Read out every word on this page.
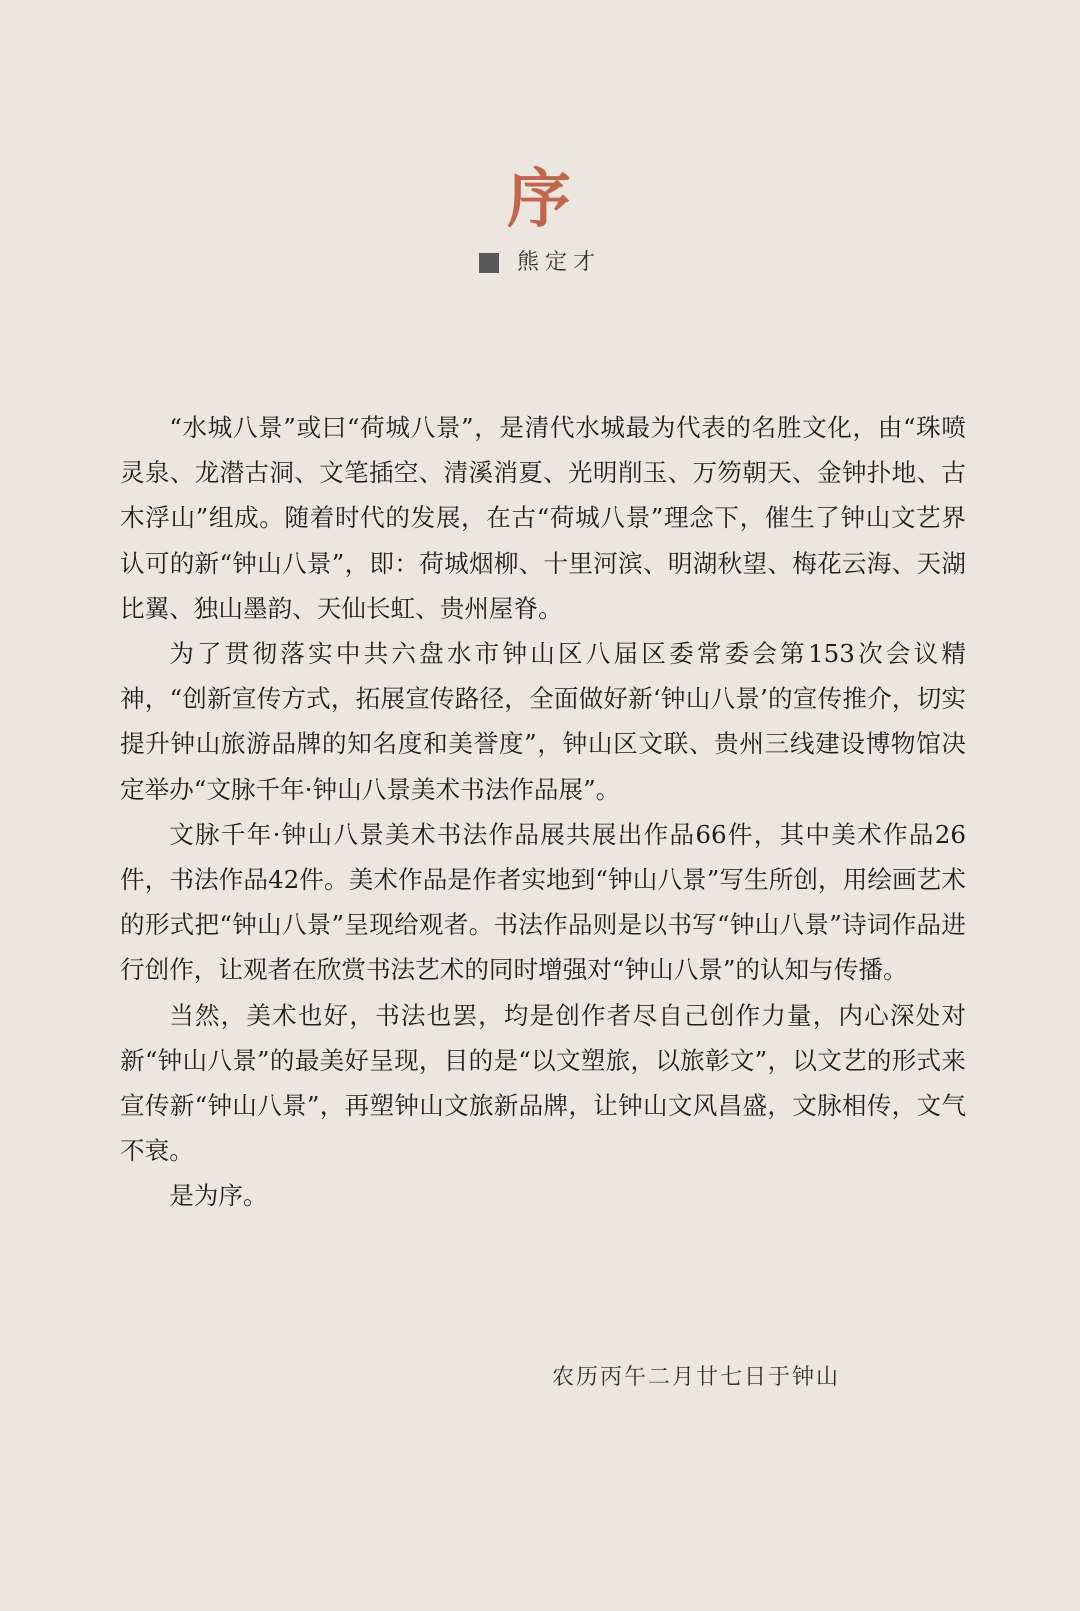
序
熊定才

“水城八景”或曰“荷城八景”，是清代水城最为代表的名胜文化，由“珠喷灵泉、龙潜古洞、文笔插空、清溪消夏、光明削玉、万笏朝天、金钟扑地、古木浮山”组成。随着时代的发展，在古“荷城八景”理念下，催生了钟山文艺界认可的新“钟山八景”，即：荷城烟柳、十里河滨、明湖秋望、梅花云海、天湖比翼、独山墨韵、天仙长虹、贵州屋脊。

为了贯彻落实中共六盘水市钟山区八届区委常委会第153次会议精神，“创新宣传方式，拓展宣传路径，全面做好新‘钟山八景’的宣传推介，切实提升钟山旅游品牌的知名度和美誉度”，钟山区文联、贵州三线建设博物馆决定举办“文脉千年·钟山八景美术书法作品展”。

文脉千年·钟山八景美术书法作品展共展出作品66件，其中美术作品26件，书法作品42件。美术作品是作者实地到“钟山八景”写生所创，用绘画艺术的形式把“钟山八景”呈现给观者。书法作品则是以书写“钟山八景”诗词作品进行创作，让观者在欣赏书法艺术的同时增强对“钟山八景”的认知与传播。

当然，美术也好，书法也罢，均是创作者尽自己创作力量，内心深处对新“钟山八景”的最美好呈现，目的是“以文塑旅，以旅彰文”，以文艺的形式来宣传新“钟山八景”，再塑钟山文旅新品牌，让钟山文风昌盛，文脉相传，文气不衰。

是为序。

农历丙午二月廿七日于钟山
